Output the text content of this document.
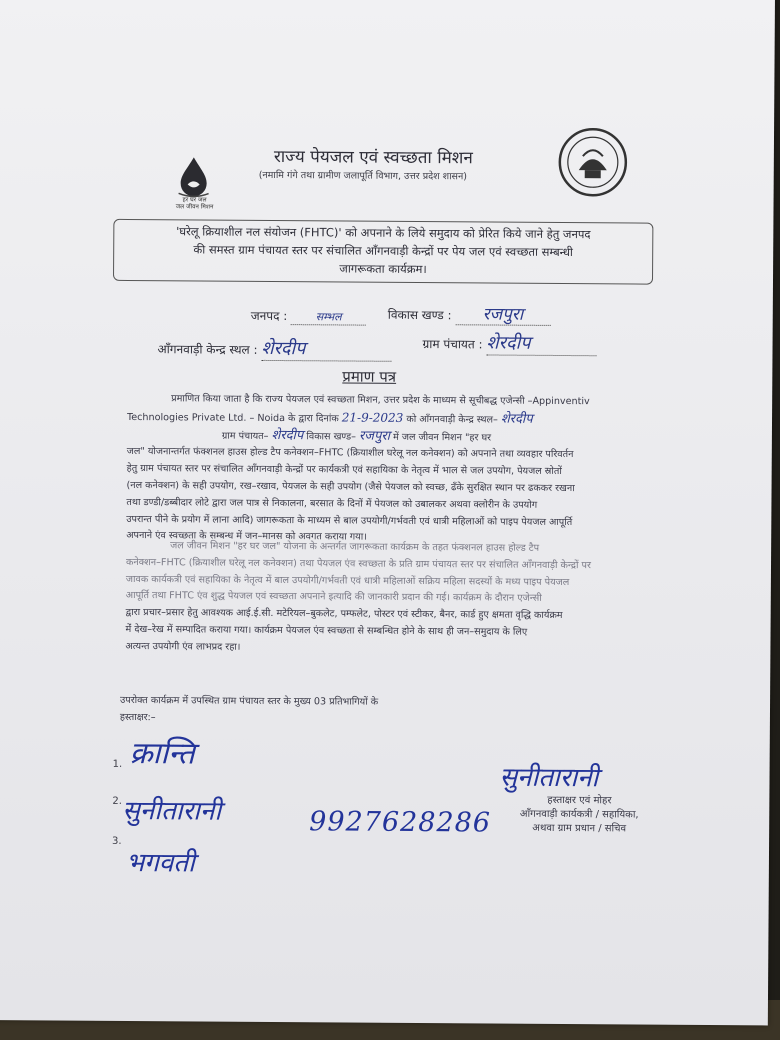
हर घर जल
जल जीवन मिशन
राज्य पेयजल एवं स्वच्छता मिशन
(नमामि गंगे तथा ग्रामीण जलापूर्ति विभाग, उत्तर प्रदेश शासन)
'घरेलू क्रियाशील नल संयोजन (FHTC)' को अपनाने के लिये समुदाय को प्रेरित किये जाने हेतु जनपद
की समस्त ग्राम पंचायत स्तर पर संचालित आँगनवाड़ी केन्द्रों पर पेय जल एवं स्वच्छता सम्बन्धी
जागरूकता कार्यक्रम।
जनपद :	सम्भल	विकास खण्ड : रजपुरा
आँगनवाड़ी केन्द्र स्थल : शेरदीप	ग्राम पंचायत : शेरदीप
प्रमाण पत्र
प्रमाणित किया जाता है कि राज्य पेयजल एवं स्वच्छता मिशन, उत्तर प्रदेश के माध्यम से सूचीबद्ध एजेन्सी –Appinventiv
Technologies Private Ltd. – Noida के द्वारा दिनांक 21-9-2023 को आँगनवाड़ी केन्द्र स्थल– शेरदीप
ग्राम पंचायत– शेरदीप विकास खण्ड– रजपुरा में जल जीवन मिशन "हर घर
जल" योजनान्तर्गत फंक्शनल हाउस होल्ड टैप कनेक्शन–FHTC (क्रियाशील घरेलू नल कनेक्शन) को अपनाने तथा व्यवहार परिवर्तन
हेतु ग्राम पंचायत स्तर पर संचालित आँगनवाड़ी केन्द्रों पर कार्यकत्री एवं सहायिका के नेतृत्व में भाल से जल उपयोग, पेयजल स्रोतों
(नल कनेक्शन) के सही उपयोग, रख–रखाव, पेयजल के सही उपयोग (जैसे पेयजल को स्वच्छ, ढँके सुरक्षित स्थान पर ढककर रखना
तथा डण्डी/डब्बीदार लोटे द्वारा जल पात्र से निकालना, बरसात के दिनों में पेयजल को उबालकर अथवा क्लोरीन के उपयोग
उपरान्त पीने के प्रयोग में लाना आदि) जागरूकता के माध्यम से बाल उपयोगी/गर्भवती एवं धात्री महिलाओं को पाइप पेयजल आपूर्ति
अपनाने एंव स्वच्छता के सम्बन्ध में जन–मानस को अवगत कराया गया।
जल जीवन मिशन "हर घर जल" योजना के अन्तर्गत जागरूकता कार्यक्रम के तहत फंक्शनल हाउस होल्ड टैप
कनेक्शन–FHTC (क्रियाशील घरेलू नल कनेक्शन) तथा पेयजल एंव स्वच्छता के प्रति ग्राम पंचायत स्तर पर संचालित आँगनवाड़ी केन्द्रों पर
जावक कार्यकत्री एवं सहायिका के नेतृत्व में बाल उपयोगी/गर्भवती एवं धात्री महिलाओं सक्रिय महिला सदस्यों के मध्य पाइप पेयजल
आपूर्ति तथा FHTC एंव शुद्ध पेयजल एवं स्वच्छता अपनाने इत्यादि की जानकारी प्रदान की गई। कार्यक्रम के दौरान एजेन्सी
द्वारा प्रचार–प्रसार हेतु आवश्यक आई.ई.सी. मटेरियल–बुकलेट, पम्फलेट, पोस्टर एवं स्टीकर, बैनर, कार्ड हुए क्षमता वृद्धि कार्यक्रम
मेंं देख–रेख में सम्पादित कराया गया। कार्यक्रम पेयजल एंव स्वच्छता से सम्बन्धित होने के साथ ही जन–समुदाय के लिए
अत्यन्त उपयोगी एंव लाभप्रद रहा।
उपरोक्त कार्यक्रम में उपस्थित ग्राम पंचायत स्तर के मुख्य 03 प्रतिभागियों के
हस्ताक्षर:–
1. क्रान्ति
2. सुनीतारानी	9927628286
3.
भगवती
सुनीतारानी
हस्ताक्षर एवं मोहर
आँगनवाड़ी कार्यकत्री / सहायिका,
अथवा ग्राम प्रधान / सचिव
